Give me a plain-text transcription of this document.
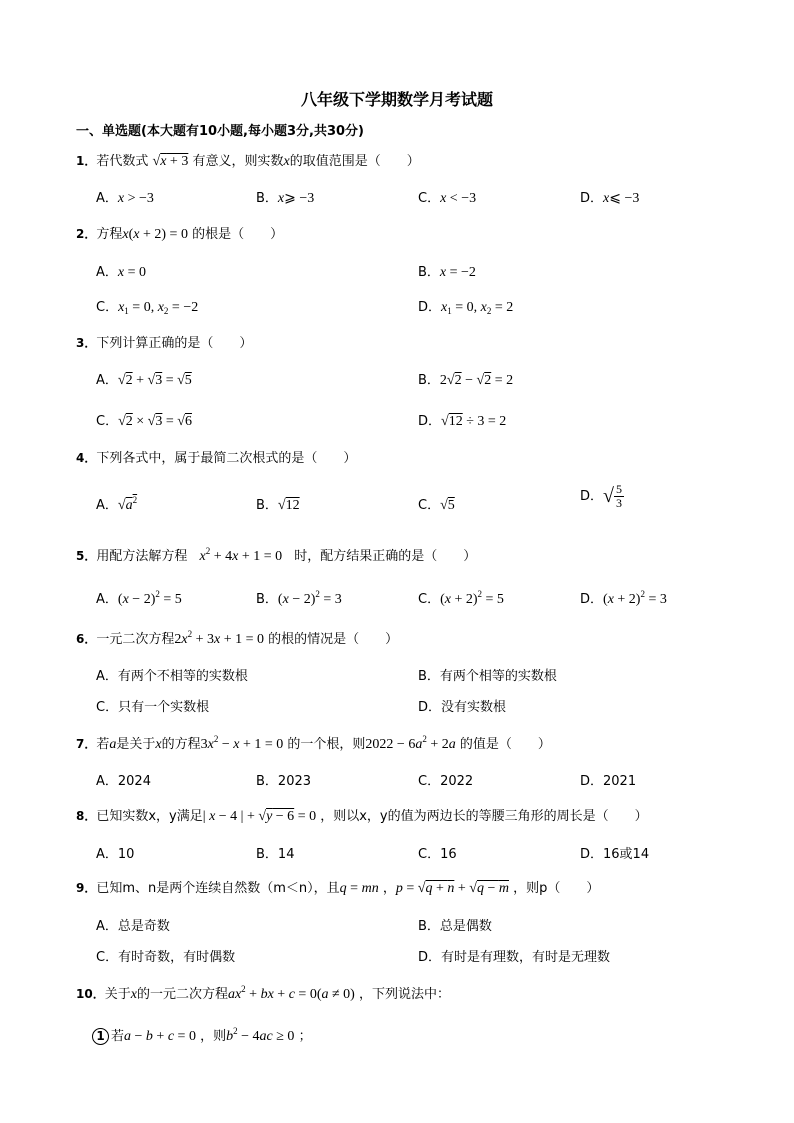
八年级下学期数学月考试题
一、单选题(本大题有10小题,每小题3分,共30分)
1．若代数式 √x + 3 有意义，则实数x的取值范围是（　　）
A．x > −3	B．x⩾ −3	C．x < −3	D．x⩽ −3
2．方程x(x + 2) = 0 的根是（　　）
A．x = 0	B．x = −2
C．$x_1 = 0$, $x_2 = -2$	D．$x_1 = 0$, $x_2 = 2$
3．下列计算正确的是（　　）
A．√2 + √3 = √5	B．2√2 − √2 = 2
C．√2 × √3 = √6	D．√12 ÷ 3 = 2
4．下列各式中，属于最简二次根式的是（　　）
A．$√a^2$	B．√12	C．√5
D．√ $\frac{5}{3}$
5．用配方法解方程 $x^2 + 4x + 1 = 0$ 时，配方结果正确的是（　　）
A．$(x - 2)^2 = 5$	B．$(x - 2)^2 = 3$	C．$(x + 2)^2 = 5$	D．$(x + 2)^2 = 3$
6．一元二次方程$2x^2 + 3x + 1 = 0$ 的根的情况是（　　）
A．有两个不相等的实数根	B．有两个相等的实数根
C．只有一个实数根	D．没有实数根
7．若a是关于x的方程$3x^2 - x + 1 = 0$ 的一个根，则$2022 - 6a^2 + 2a$ 的值是（　　）
A．2024	B．2023	C．2022	D．2021
8．已知实数x，y满足| x − 4 | + √y − 6 = 0 ，则以x，y的值为两边长的等腰三角形的周长是（　　）
A．10	B．14	C．16	D．16或14
9．已知m、n是两个连续自然数（m＜n），且q = mn ，p = √q + n + √q − m ，则p（　　）
A．总是奇数	B．总是偶数
C．有时奇数，有时偶数	D．有时是有理数，有时是无理数
10．关于x的一元二次方程$ax^2$ + bx + c = 0(a ≠ 0) ，下列说法中：
1 若a − b + c = 0 ，则$b^2 - 4ac \ge 0$ ；
